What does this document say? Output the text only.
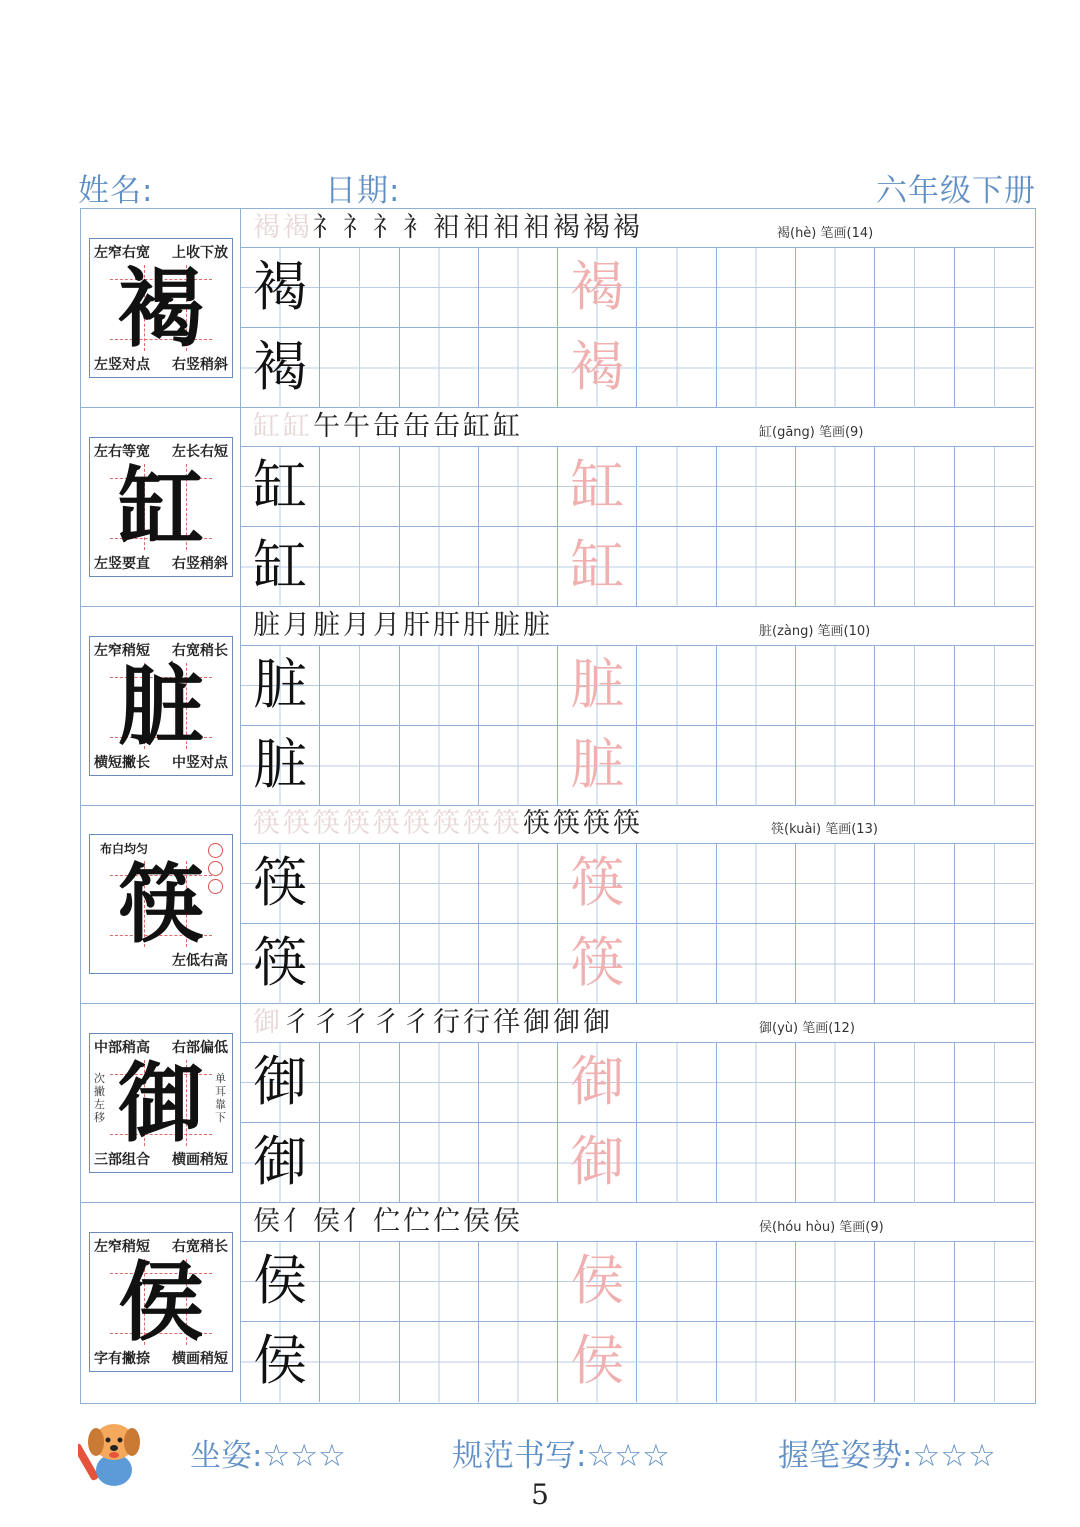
姓名:	日期:	六年级下册
褐
左窄右宽 上收下放
左竖对点 右竖稍斜
褐褐礻礻礻衤衵衵衵衵褐褐褐	褐(hè) 笔画(14)
褐	褐
褐	褐
缸
左右等宽 左长右短
左竖要直 右竖稍斜
缸缸午午缶缶缶缸缸	缸(gāng) 笔画(9)
缸	缸
缸	缸
脏
左窄稍短 右宽稍长
横短撇长 中竖对点
脏月脏月月肝肝肝脏脏	脏(zàng) 笔画(10)
脏	脏
脏	脏
筷
布白均匀
左低右高
筷筷筷筷筷筷筷筷筷筷筷筷筷	筷(kuài) 笔画(13)
筷	筷
筷	筷
御
中部稍高 右部偏低
三部组合 横画稍短
次撇左移
单耳靠下
御彳彳彳彳彳行行徉御御御	御(yù) 笔画(12)
御	御
御	御
侯
左窄稍短 右宽稍长
字有撇捺 横画稍短
侯亻侯亻伫伫伫侯侯	侯(hóu hòu) 笔画(9)
侯	侯
侯	侯
坐姿:☆☆☆	规范书写:☆☆☆	握笔姿势:☆☆☆
5
